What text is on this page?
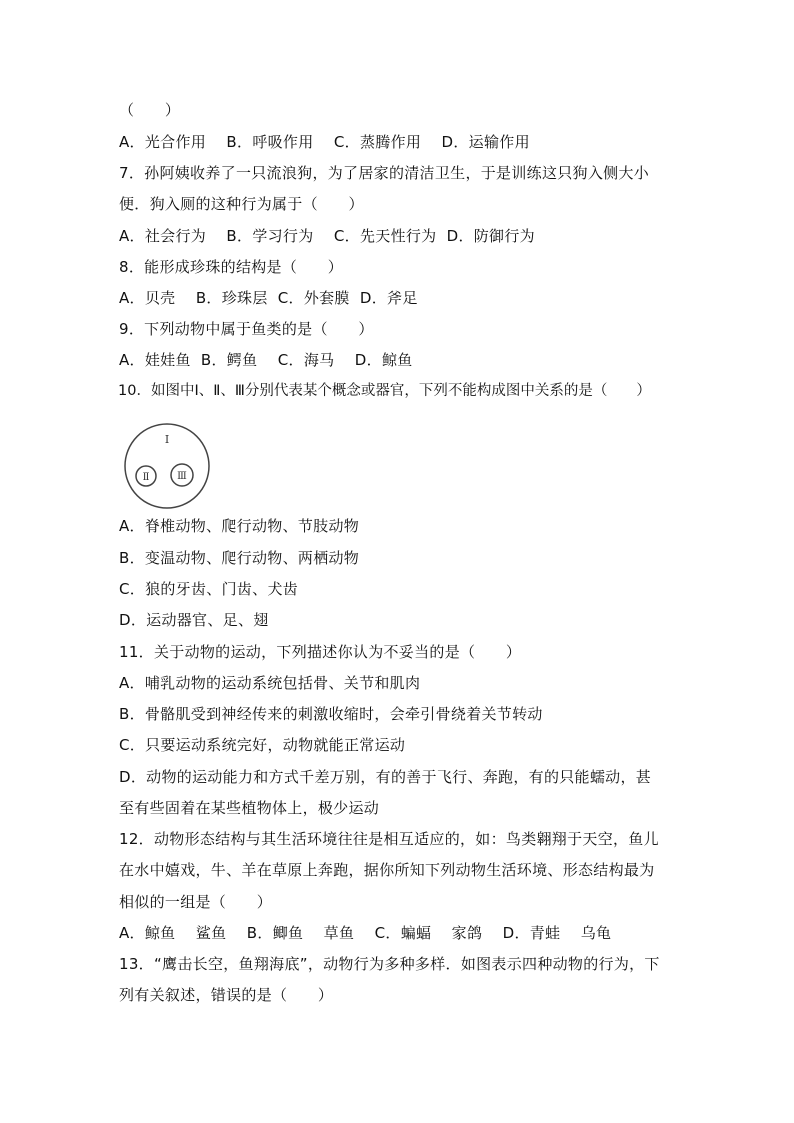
（　　）
A．光合作用　 B．呼吸作用　 C．蒸腾作用　 D．运输作用
7．孙阿姨收养了一只流浪狗，为了居家的清洁卫生，于是训练这只狗入侧大小
便．狗入厕的这种行为属于（　　）
A．社会行为　 B．学习行为　 C．先天性行为  D．防御行为
8．能形成珍珠的结构是（　　）
A．贝壳　 B．珍珠层  C．外套膜  D．斧足
9．下列动物中属于鱼类的是（　　）
A．娃娃鱼  B．鳄鱼　 C．海马　 D．鲸鱼
10．如图中Ⅰ、Ⅱ、Ⅲ分别代表某个概念或器官，下列不能构成图中关系的是（　　）
Ⅰ
Ⅱ	Ⅲ
A．脊椎动物、爬行动物、节肢动物
B．变温动物、爬行动物、两栖动物
C．狼的牙齿、门齿、犬齿
D．运动器官、足、翅
11．关于动物的运动，下列描述你认为不妥当的是（　　）
A．哺乳动物的运动系统包括骨、关节和肌肉
B．骨骼肌受到神经传来的刺激收缩时，会牵引骨绕着关节转动
C．只要运动系统完好，动物就能正常运动
D．动物的运动能力和方式千差万别，有的善于飞行、奔跑，有的只能蠕动，甚
至有些固着在某些植物体上，极少运动
12．动物形态结构与其生活环境往往是相互适应的，如：鸟类翱翔于天空，鱼儿
在水中嬉戏，牛、羊在草原上奔跑，据你所知下列动物生活环境、形态结构最为
相似的一组是（　　）
A．鲸鱼　 鲨鱼　 B．鲫鱼　 草鱼　 C．蝙蝠　 家鸽　 D．青蛙　 乌龟
13．“鹰击长空，鱼翔海底”，动物行为多种多样．如图表示四种动物的行为，下
列有关叙述，错误的是（　　）
